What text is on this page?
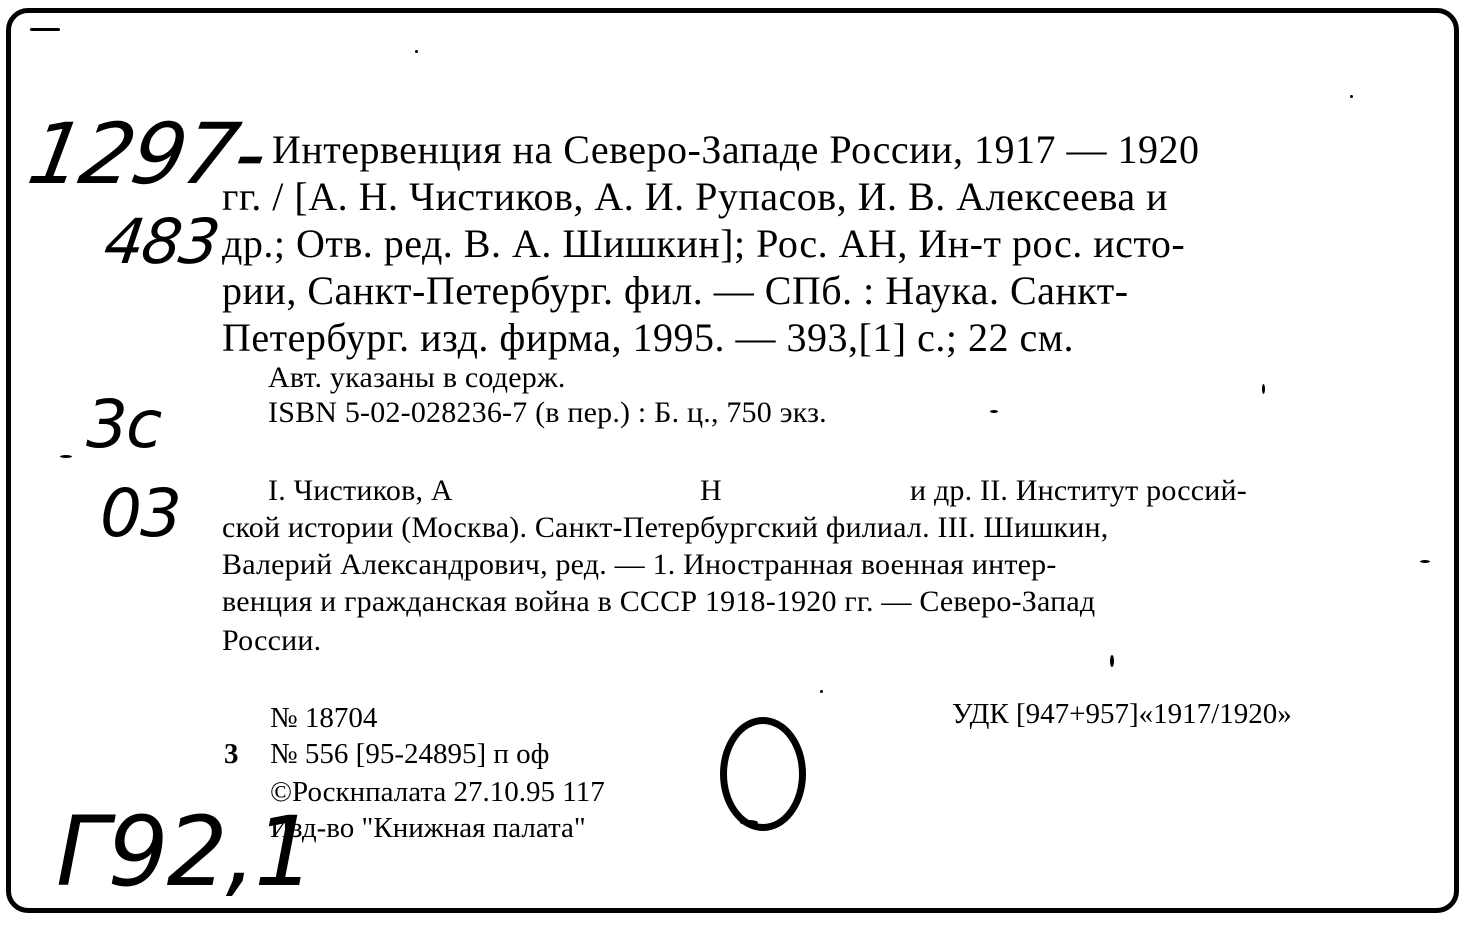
1297-
483
3с
03
Г92,1
Интервенция на Северо-Западе России, 1917 — 1920
гг. / [А. Н. Чистиков, А. И. Рупасов, И. В. Алексеева и
др.; Отв. ред. В. А. Шишкин]; Рос. АН, Ин-т рос. исто-
рии, Санкт-Петербург. фил. — СПб. : Наука. Санкт-
Петербург. изд. фирма, 1995. — 393,[1] с.; 22 см.
Авт. указаны в содерж.
ISBN 5-02-028236-7 (в пер.) : Б. ц., 750 экз.
I. Чистиков, А	Н	и др. II. Институт россий-
ской истории (Москва). Санкт-Петербургский филиал. III. Шишкин,
Валерий Александрович, ред. — 1. Иностранная военная интер-
венция и гражданская война в СССР 1918-1920 гг. — Северо-Запад
России.
УДК [947+957]«1917/1920»
№ 18704
3 № 556 [95-24895] п оф
©Роскнпалата 27.10.95 117
Изд-во "Книжная палата"
